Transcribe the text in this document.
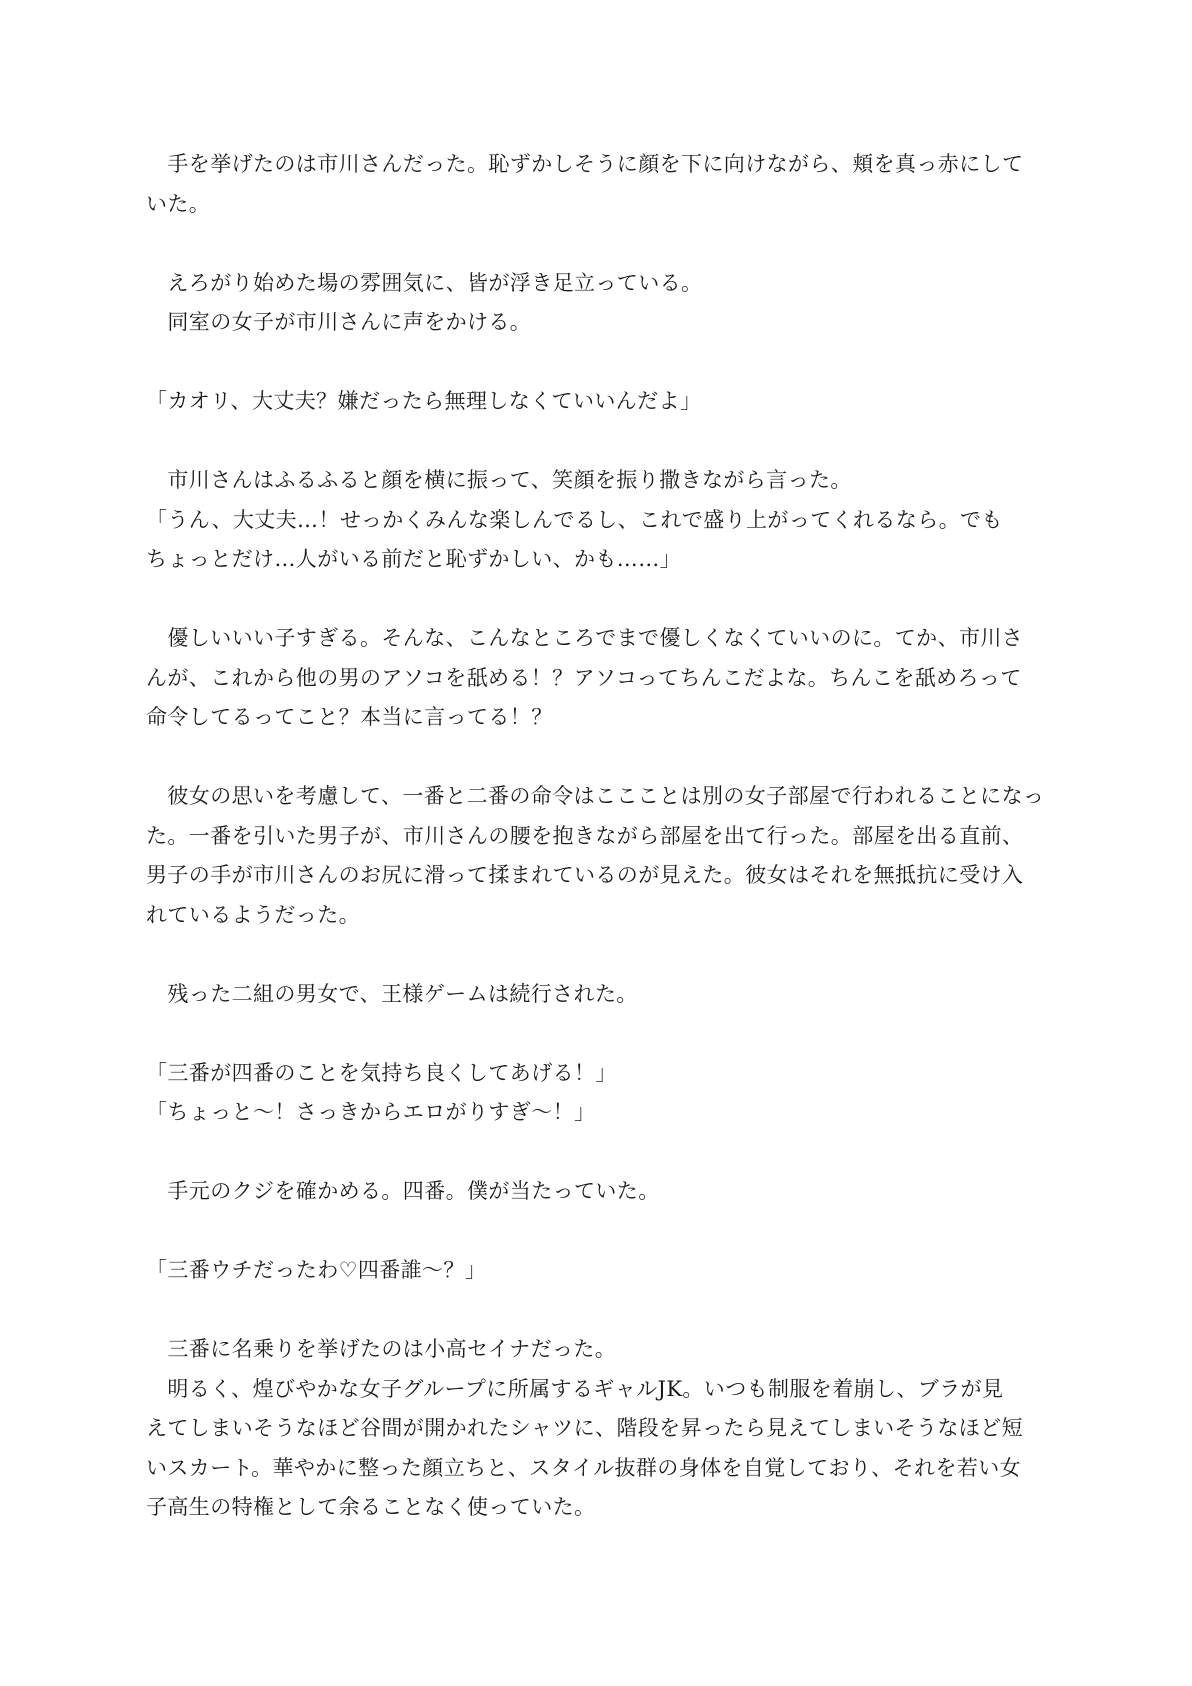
　手を挙げたのは市川さんだった。恥ずかしそうに顔を下に向けながら、頬を真っ赤にして
いた。

　えろがり始めた場の雰囲気に、皆が浮き足立っている。
　同室の女子が市川さんに声をかける。

「カオリ、大丈夫？嫌だったら無理しなくていいんだよ」

　市川さんはふるふると顔を横に振って、笑顔を振り撒きながら言った。
「うん、大丈夫…！せっかくみんな楽しんでるし、これで盛り上がってくれるなら。でも
ちょっとだけ…人がいる前だと恥ずかしい、かも……」

　優しいいい子すぎる。そんな、こんなところでまで優しくなくていいのに。てか、市川さ
んが、これから他の男のアソコを舐める！？アソコってちんこだよな。ちんこを舐めろって
命令してるってこと？本当に言ってる！？

　彼女の思いを考慮して、一番と二番の命令はここことは別の女子部屋で行われることになっ
た。一番を引いた男子が、市川さんの腰を抱きながら部屋を出て行った。部屋を出る直前、
男子の手が市川さんのお尻に滑って揉まれているのが見えた。彼女はそれを無抵抗に受け入
れているようだった。

　残った二組の男女で、王様ゲームは続行された。

「三番が四番のことを気持ち良くしてあげる！」
「ちょっと〜！さっきからエロがりすぎ〜！」

　手元のクジを確かめる。四番。僕が当たっていた。

「三番ウチだったわ♡四番誰〜？」

　三番に名乗りを挙げたのは小高セイナだった。
　明るく、煌びやかな女子グループに所属するギャルJK。いつも制服を着崩し、ブラが見
えてしまいそうなほど谷間が開かれたシャツに、階段を昇ったら見えてしまいそうなほど短
いスカート。華やかに整った顔立ちと、スタイル抜群の身体を自覚しており、それを若い女
子高生の特権として余ることなく使っていた。
